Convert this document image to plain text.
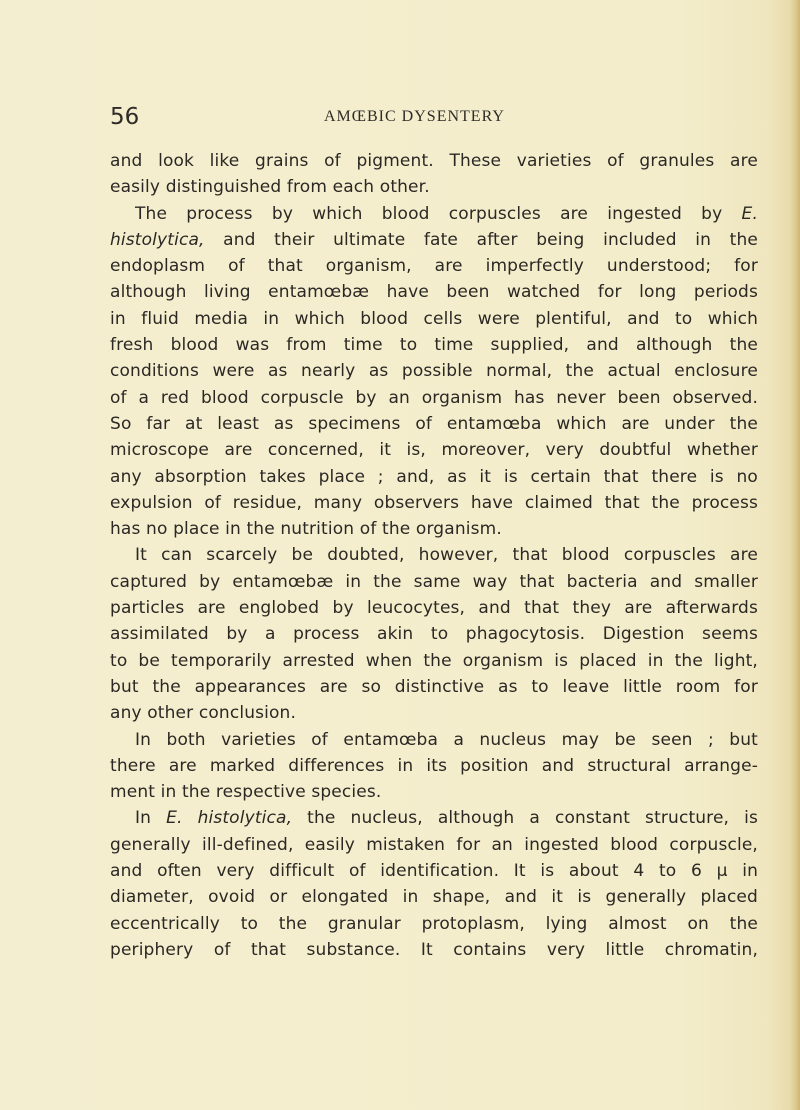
56	AMŒBIC DYSENTERY
and look like grains of pigment. These varieties of granules are
easily distinguished from each other.
The process by which blood corpuscles are ingested by E.
histolytica, and their ultimate fate after being included in the
endoplasm of that organism, are imperfectly understood; for
although living entamœbæ have been watched for long periods
in fluid media in which blood cells were plentiful, and to which
fresh blood was from time to time supplied, and although the
conditions were as nearly as possible normal, the actual enclosure
of a red blood corpuscle by an organism has never been observed.
So far at least as specimens of entamœba which are under the
microscope are concerned, it is, moreover, very doubtful whether
any absorption takes place ; and, as it is certain that there is no
expulsion of residue, many observers have claimed that the process
has no place in the nutrition of the organism.
It can scarcely be doubted, however, that blood corpuscles are
captured by entamœbæ in the same way that bacteria and smaller
particles are englobed by leucocytes, and that they are afterwards
assimilated by a process akin to phagocytosis. Digestion seems
to be temporarily arrested when the organism is placed in the light,
but the appearances are so distinctive as to leave little room for
any other conclusion.
In both varieties of entamœba a nucleus may be seen ; but
there are marked differences in its position and structural arrange-
ment in the respective species.
In E. histolytica, the nucleus, although a constant structure, is
generally ill-defined, easily mistaken for an ingested blood corpuscle,
and often very difficult of identification. It is about 4 to 6 μ in
diameter, ovoid or elongated in shape, and it is generally placed
eccentrically to the granular protoplasm, lying almost on the
periphery of that substance. It contains very little chromatin,
